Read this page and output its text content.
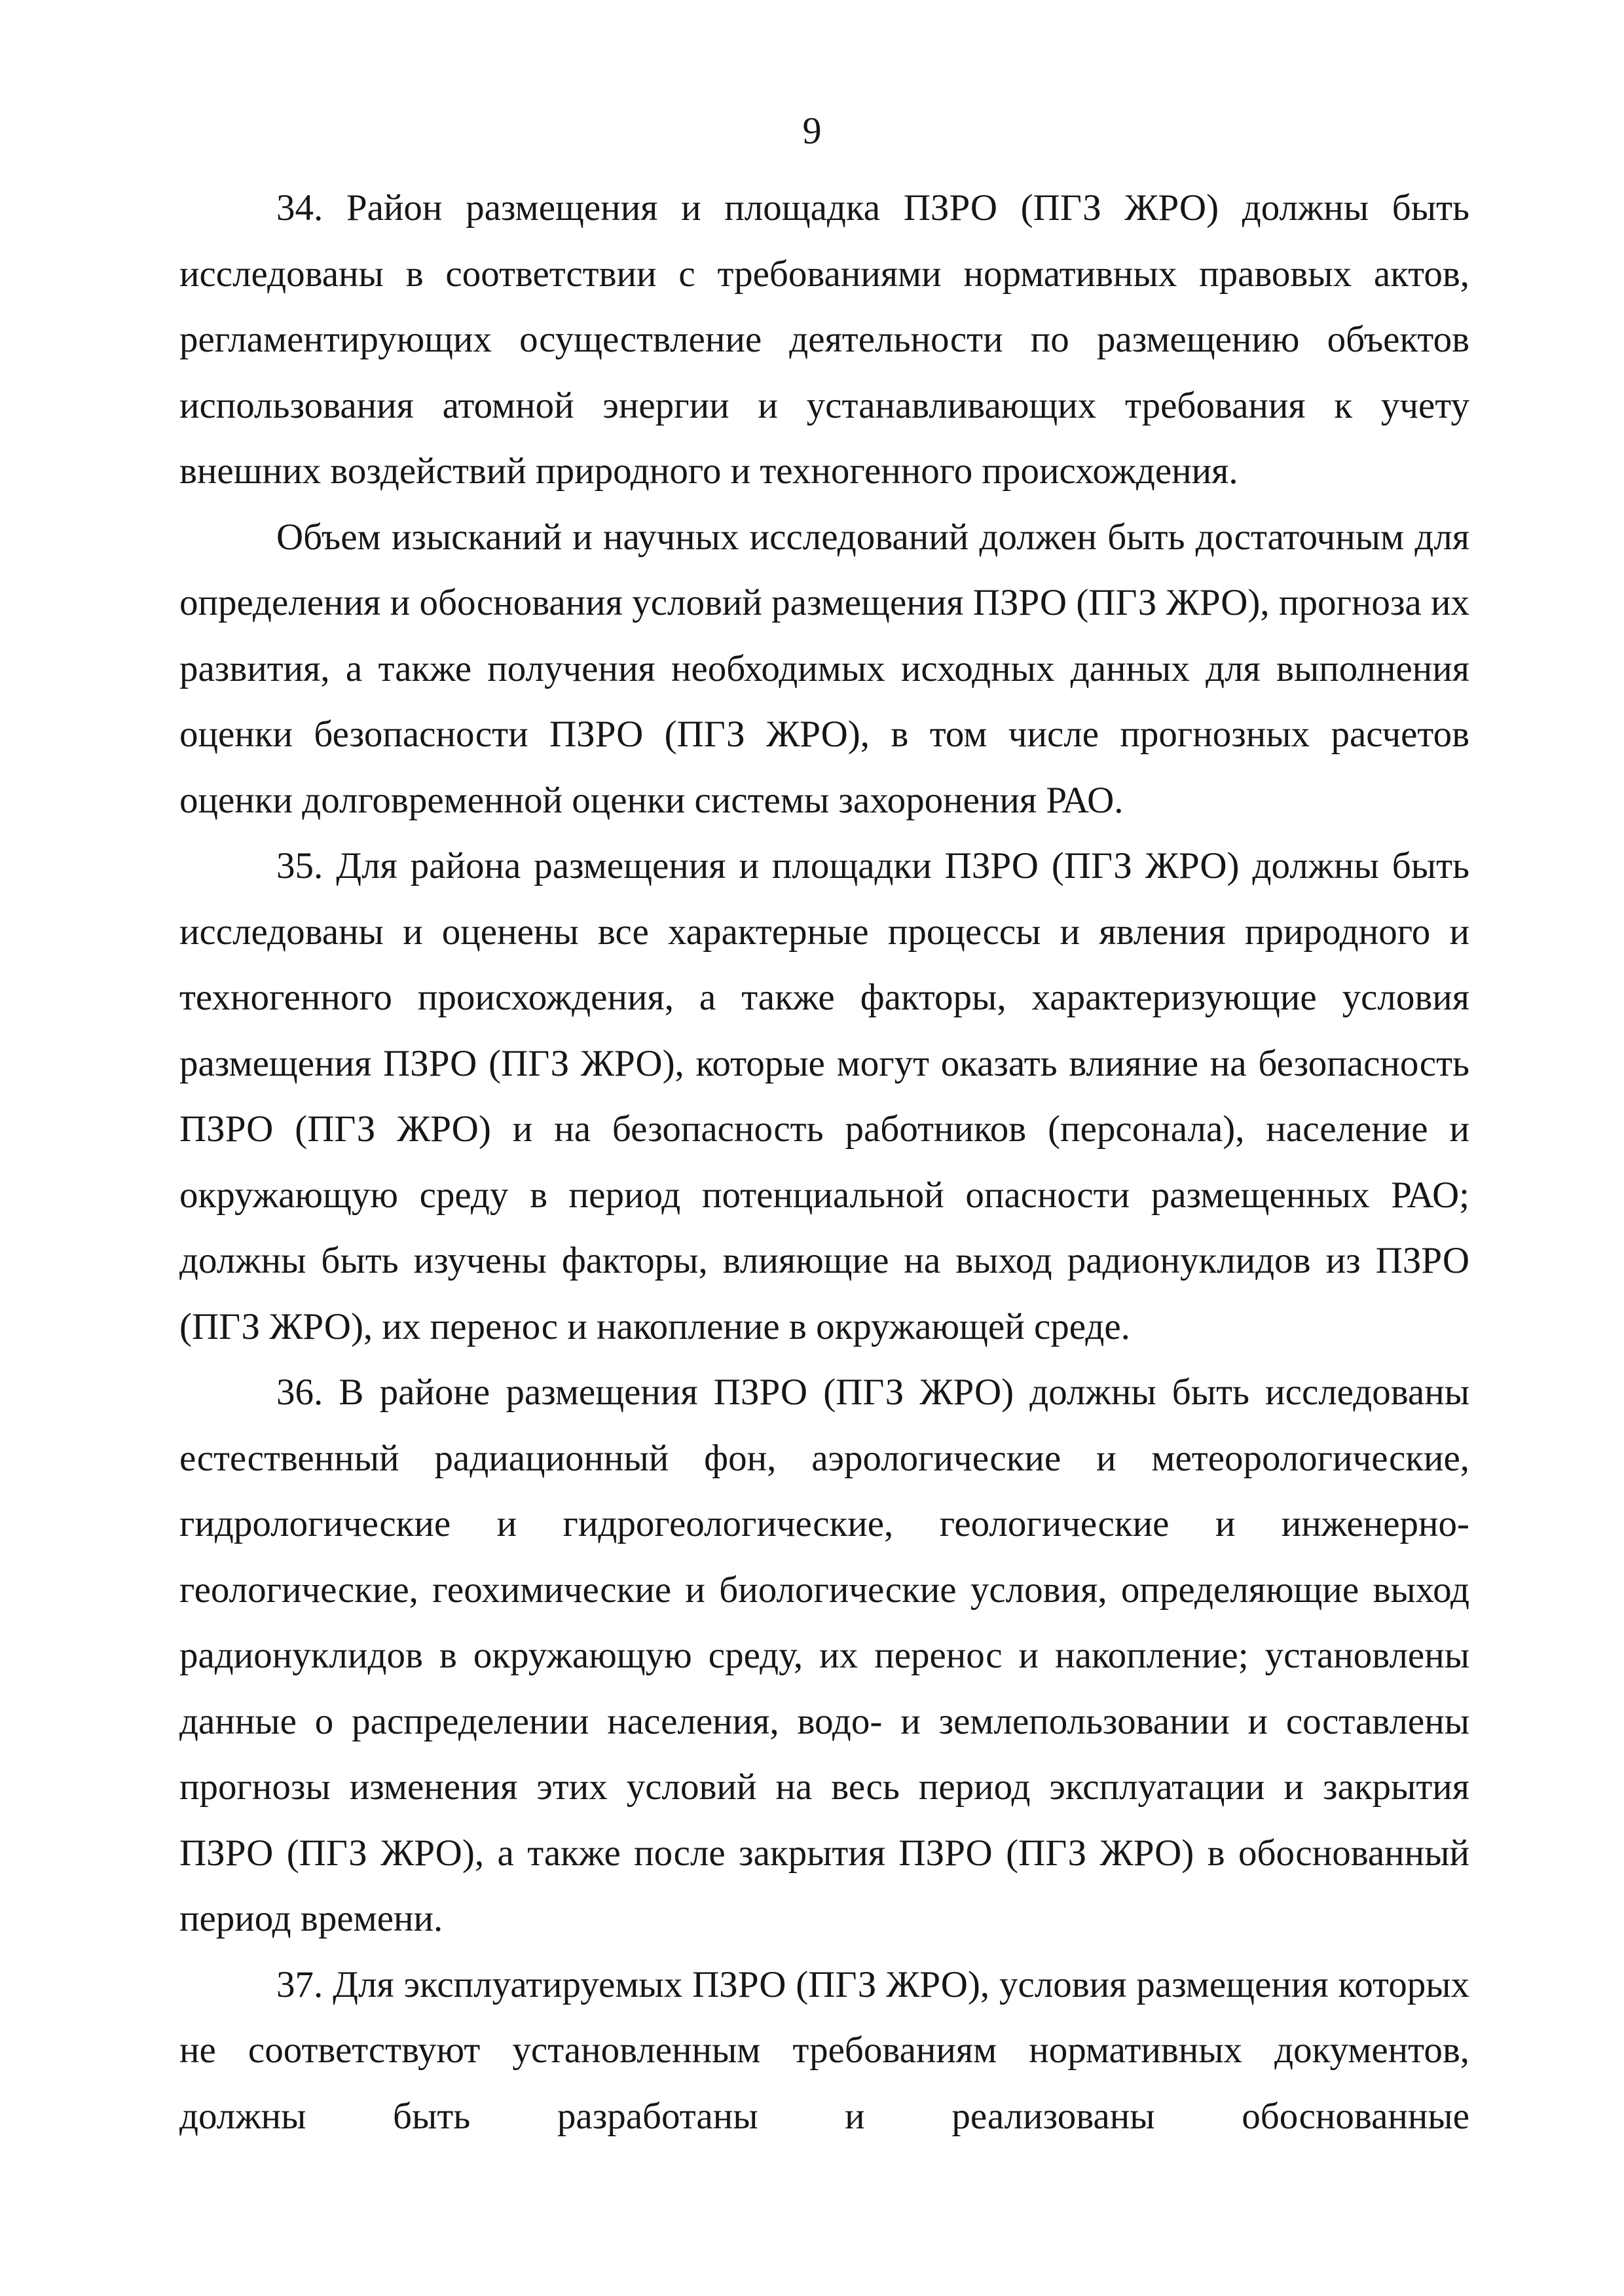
9

34. Район размещения и площадка ПЗРО (ПГЗ ЖРО) должны быть исследованы в соответствии с требованиями нормативных правовых актов, регламентирующих осуществление деятельности по размещению объектов использования атомной энергии и устанавливающих требования к учету внешних воздействий природного и техногенного происхождения.

Объем изысканий и научных исследований должен быть достаточным для определения и обоснования условий размещения ПЗРО (ПГЗ ЖРО), прогноза их развития, а также получения необходимых исходных данных для выполнения оценки безопасности ПЗРО (ПГЗ ЖРО), в том числе прогнозных расчетов оценки долговременной оценки системы захоронения РАО.

35. Для района размещения и площадки ПЗРО (ПГЗ ЖРО) должны быть исследованы и оценены все характерные процессы и явления природного и техногенного происхождения, а также факторы, характеризующие условия размещения ПЗРО (ПГЗ ЖРО), которые могут оказать влияние на безопасность ПЗРО (ПГЗ ЖРО) и на безопасность работников (персонала), население и окружающую среду в период потенциальной опасности размещенных РАО; должны быть изучены факторы, влияющие на выход радионуклидов из ПЗРО (ПГЗ ЖРО), их перенос и накопление в окружающей среде.

36. В районе размещения ПЗРО (ПГЗ ЖРО) должны быть исследованы естественный радиационный фон, аэрологические и метеорологические, гидрологические и гидрогеологические, геологические и инженерно-геологические, геохимические и биологические условия, определяющие выход радионуклидов в окружающую среду, их перенос и накопление; установлены данные о распределении населения, водо- и землепользовании и составлены прогнозы изменения этих условий на весь период эксплуатации и закрытия ПЗРО (ПГЗ ЖРО), а также после закрытия ПЗРО (ПГЗ ЖРО) в обоснованный период времени.

37. Для эксплуатируемых ПЗРО (ПГЗ ЖРО), условия размещения которых не соответствуют установленным требованиям нормативных документов, должны быть разработаны и реализованы обоснованные
